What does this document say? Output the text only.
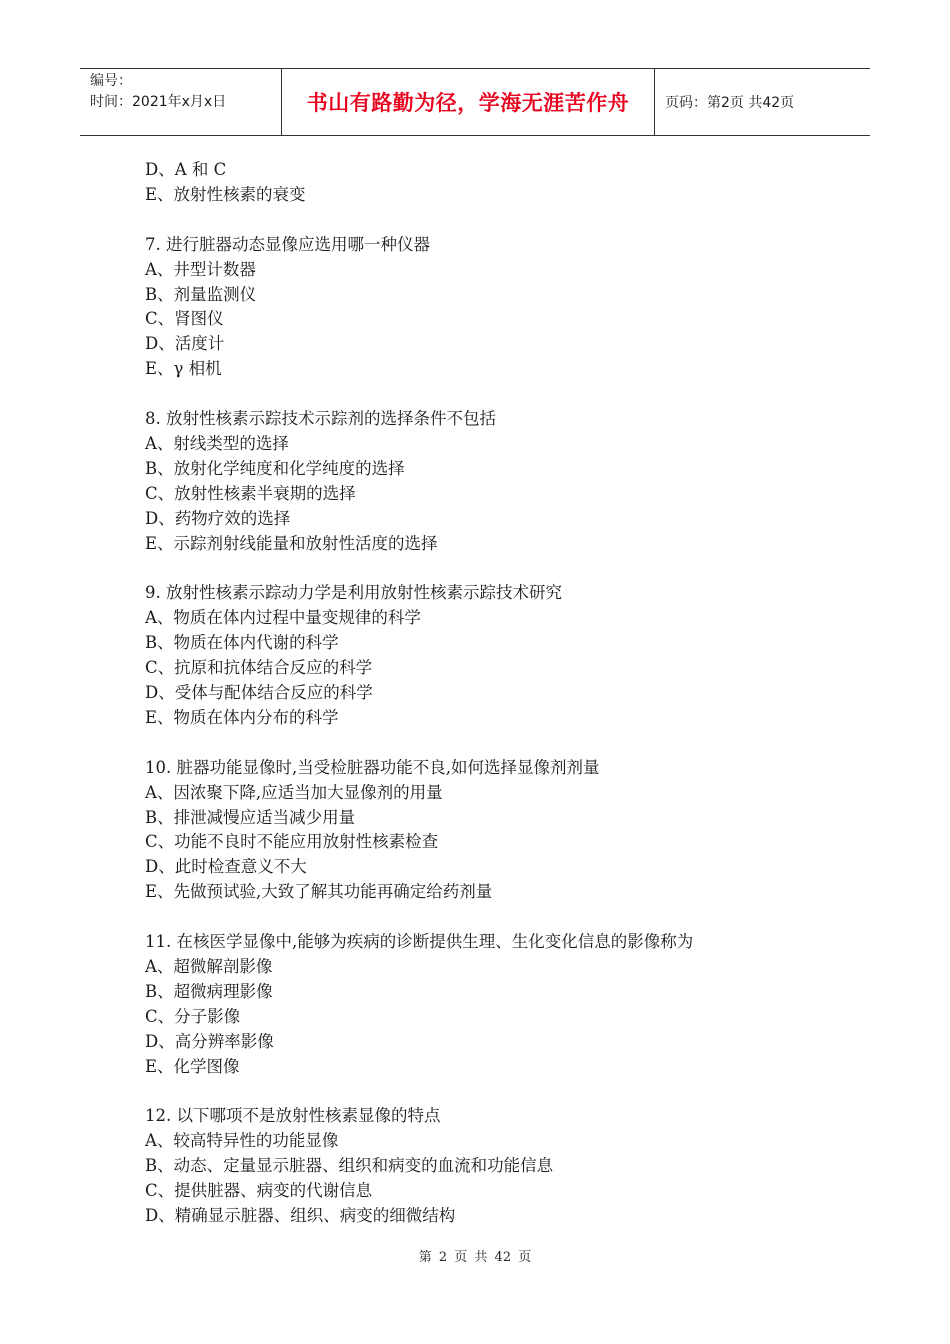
编号：
时间：2021年x月x日	书山有路勤为径，学海无涯苦作舟	页码：第2页 共42页
D、A 和 C
E、放射性核素的衰变
7. 进行脏器动态显像应选用哪一种仪器
A、井型计数器
B、剂量监测仪
C、肾图仪
D、活度计
E、γ 相机
8. 放射性核素示踪技术示踪剂的选择条件不包括
A、射线类型的选择
B、放射化学纯度和化学纯度的选择
C、放射性核素半衰期的选择
D、药物疗效的选择
E、示踪剂射线能量和放射性活度的选择
9. 放射性核素示踪动力学是利用放射性核素示踪技术研究
A、物质在体内过程中量变规律的科学
B、物质在体内代谢的科学
C、抗原和抗体结合反应的科学
D、受体与配体结合反应的科学
E、物质在体内分布的科学
10. 脏器功能显像时,当受检脏器功能不良,如何选择显像剂剂量
A、因浓聚下降,应适当加大显像剂的用量
B、排泄减慢应适当减少用量
C、功能不良时不能应用放射性核素检查
D、此时检查意义不大
E、先做预试验,大致了解其功能再确定给药剂量
11. 在核医学显像中,能够为疾病的诊断提供生理、生化变化信息的影像称为
A、超微解剖影像
B、超微病理影像
C、分子影像
D、高分辨率影像
E、化学图像
12. 以下哪项不是放射性核素显像的特点
A、较高特异性的功能显像
B、动态、定量显示脏器、组织和病变的血流和功能信息
C、提供脏器、病变的代谢信息
D、精确显示脏器、组织、病变的细微结构
第 2 页 共 42 页
